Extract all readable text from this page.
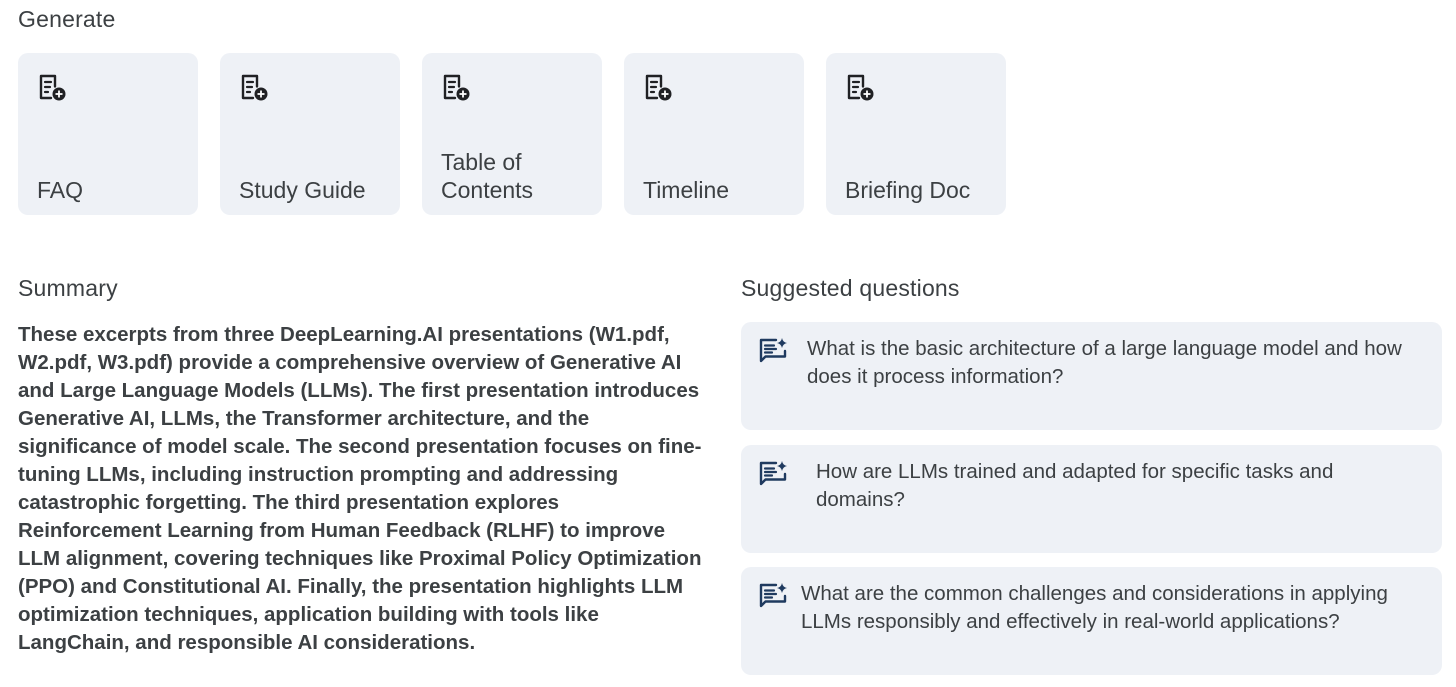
Generate
FAQ	Study Guide
Table of Contents	Timeline	Briefing Doc
Summary
These excerpts from three DeepLearning.AI presentations (W1.pdf, W2.pdf, W3.pdf) provide a comprehensive overview of Generative AI and Large Language Models (LLMs). The first presentation introduces Generative AI, LLMs, the Transformer architecture, and the significance of model scale. The second presentation focuses on fine-tuning LLMs, including instruction prompting and addressing catastrophic forgetting. The third presentation explores Reinforcement Learning from Human Feedback (RLHF) to improve LLM alignment, covering techniques like Proximal Policy Optimization (PPO) and Constitutional AI. Finally, the presentation highlights LLM optimization techniques, application building with tools like LangChain, and responsible AI considerations.
Suggested questions
What is the basic architecture of a large language model and how does it process information?
How are LLMs trained and adapted for specific tasks and domains?
What are the common challenges and considerations in applying LLMs responsibly and effectively in real-world applications?
